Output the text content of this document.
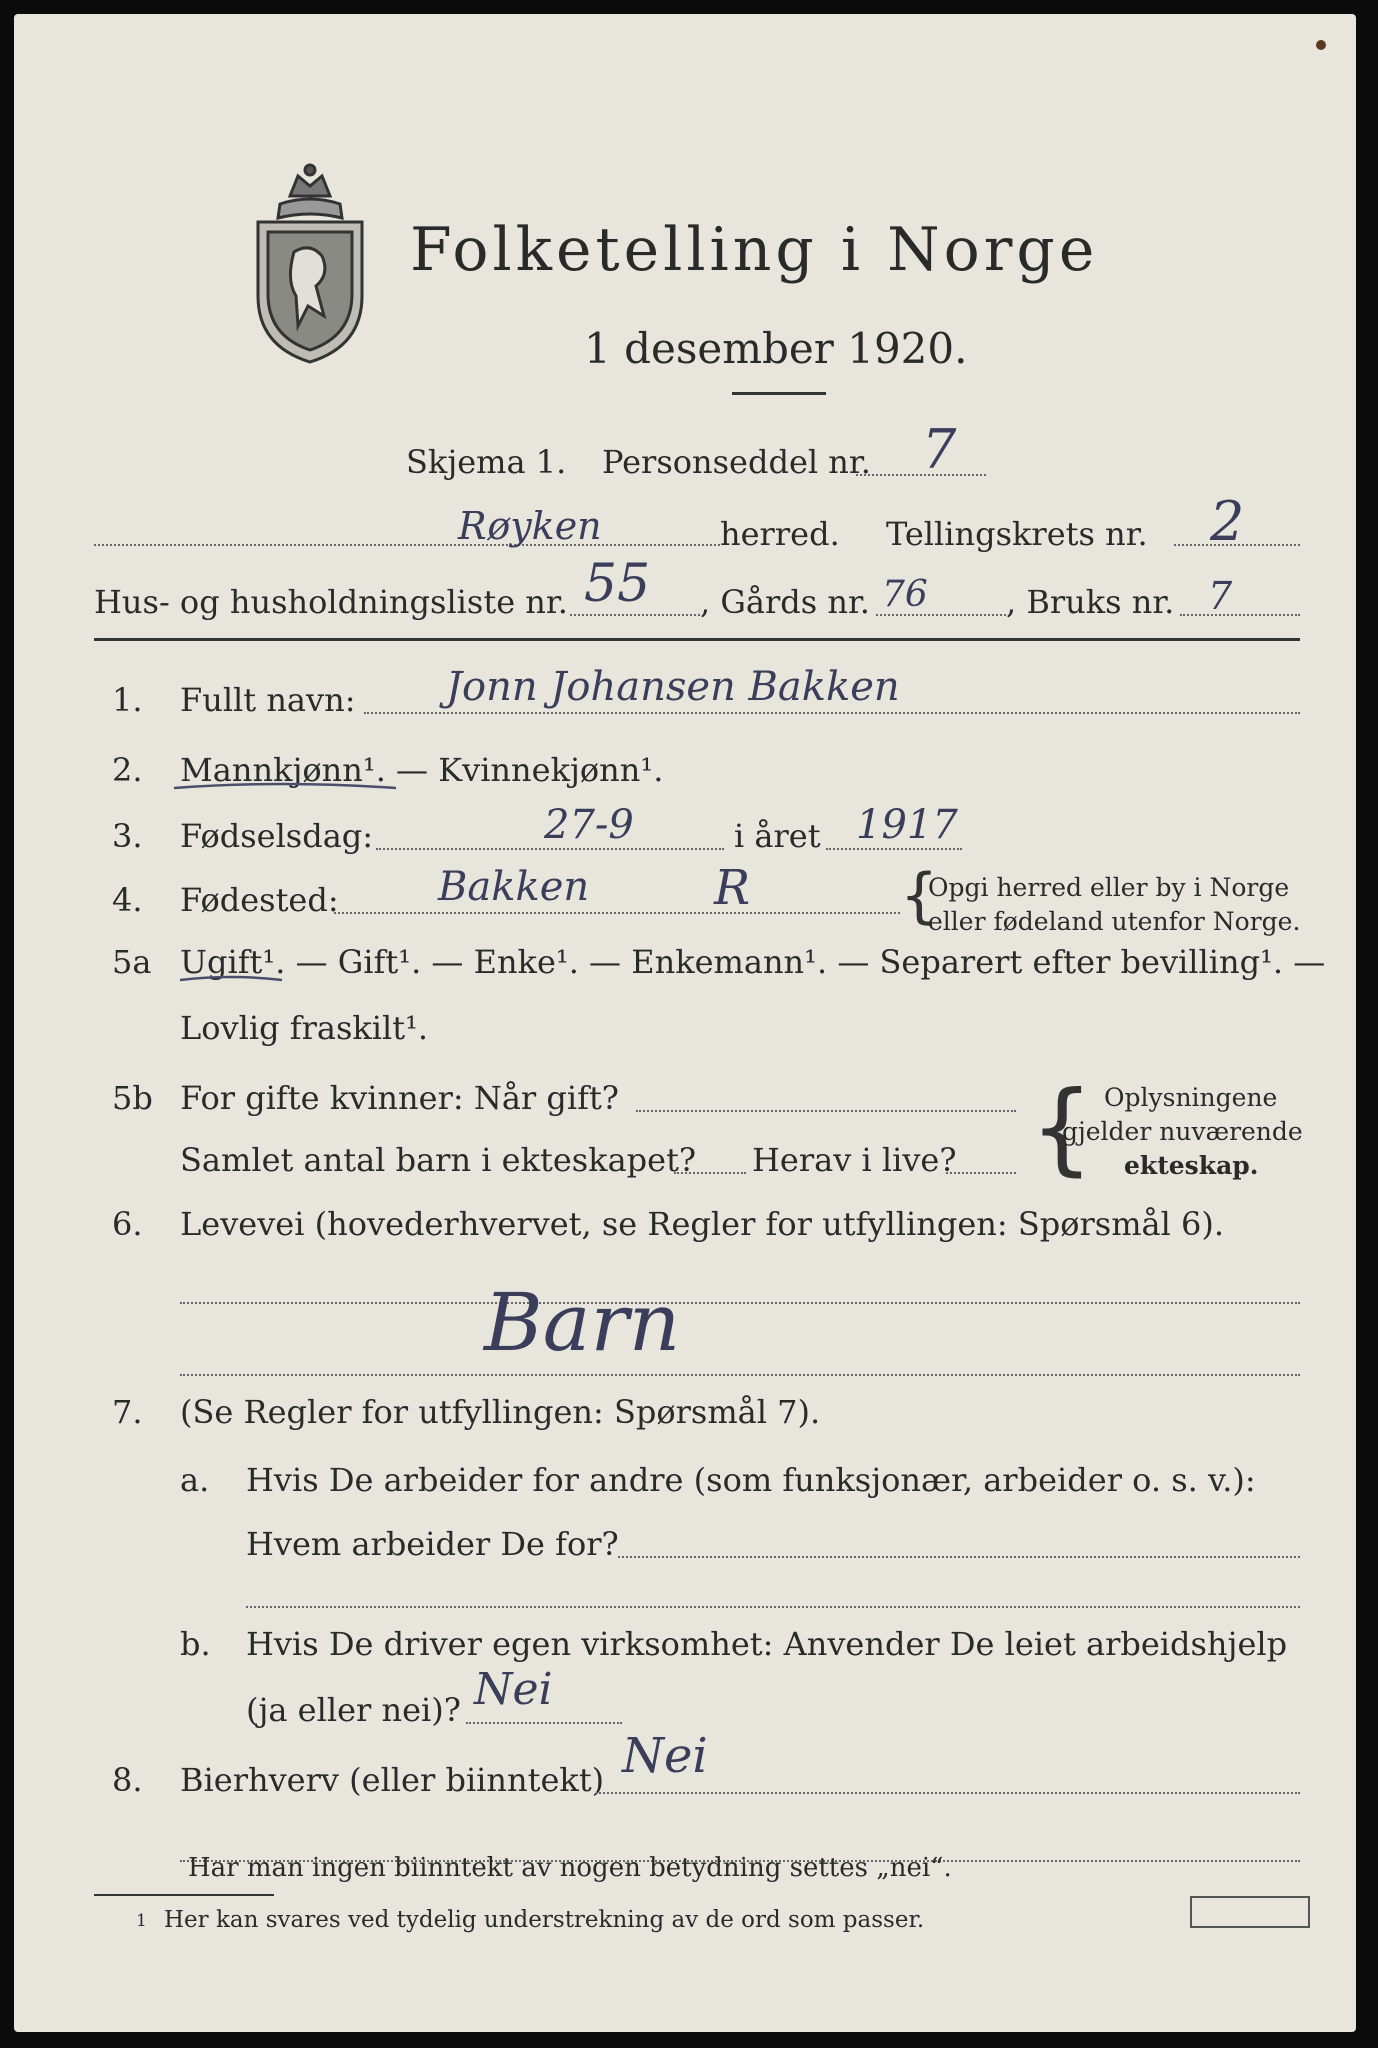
Folketelling i Norge
1 desember 1920.
Skjema 1. Personseddel nr. 7
Røyken	herred. Tellingskrets nr. 2
Hus- og husholdningsliste nr. 55 , Gårds nr. 76 , Bruks nr. 7
1. Fullt navn: Jonn Johansen Bakken
2. Mannkjønn¹. — Kvinnekjønn¹.
3. Fødselsdag:	27-9	i året 1917
4. Fødested: Bakken	R {
Opgi herred eller by i Norge
eller fødeland utenfor Norge.
5a Ugift¹. — Gift¹. — Enke¹. — Enkemann¹. — Separert efter bevilling¹. —
Lovlig fraskilt¹.
5b For gifte kvinner: Når gift?
Samlet antal barn i ekteskapet? Herav i live? { Oplysningene
gjelder nuværende
ekteskap.
6. Levevei (hovederhvervet, se Regler for utfyllingen: Spørsmål 6).
Barn
7. (Se Regler for utfyllingen: Spørsmål 7).
a. Hvis De arbeider for andre (som funksjonær, arbeider o. s. v.):
Hvem arbeider De for?
b. Hvis De driver egen virksomhet: Anvender De leiet arbeidshjelp
(ja eller nei)? Nei
8. Bierhverv (eller biinntekt) Nei
Har man ingen biinntekt av nogen betydning settes „nei“.
1 Her kan svares ved tydelig understrekning av de ord som passer.
